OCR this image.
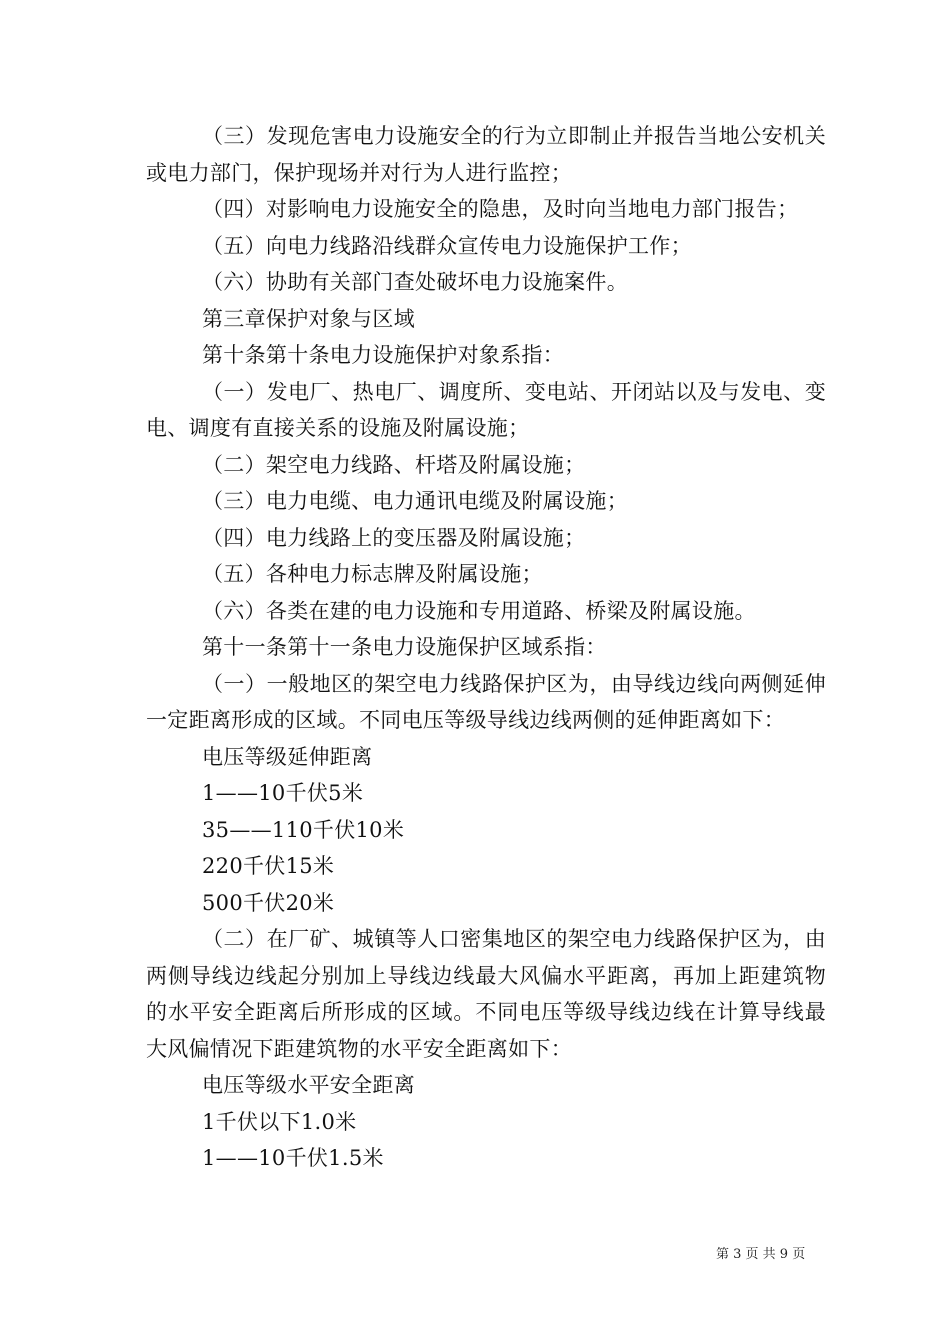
（三）发现危害电力设施安全的行为立即制止并报告当地公安机关或电力部门，保护现场并对行为人进行监控；

（四）对影响电力设施安全的隐患，及时向当地电力部门报告；

（五）向电力线路沿线群众宣传电力设施保护工作；

（六）协助有关部门查处破坏电力设施案件。

第三章保护对象与区域

第十条第十条电力设施保护对象系指：

（一）发电厂、热电厂、调度所、变电站、开闭站以及与发电、变电、调度有直接关系的设施及附属设施；

（二）架空电力线路、杆塔及附属设施；

（三）电力电缆、电力通讯电缆及附属设施；

（四）电力线路上的变压器及附属设施；

（五）各种电力标志牌及附属设施；

（六）各类在建的电力设施和专用道路、桥梁及附属设施。

第十一条第十一条电力设施保护区域系指：

（一）一般地区的架空电力线路保护区为，由导线边线向两侧延伸一定距离形成的区域。不同电压等级导线边线两侧的延伸距离如下：

电压等级延伸距离

1——10千伏5米

35——110千伏10米

220千伏15米

500千伏20米

（二）在厂矿、城镇等人口密集地区的架空电力线路保护区为，由两侧导线边线起分别加上导线边线最大风偏水平距离，再加上距建筑物的水平安全距离后所形成的区域。不同电压等级导线边线在计算导线最大风偏情况下距建筑物的水平安全距离如下：

电压等级水平安全距离

1千伏以下1.0米

1——10千伏1.5米

第 3 页 共 9 页
